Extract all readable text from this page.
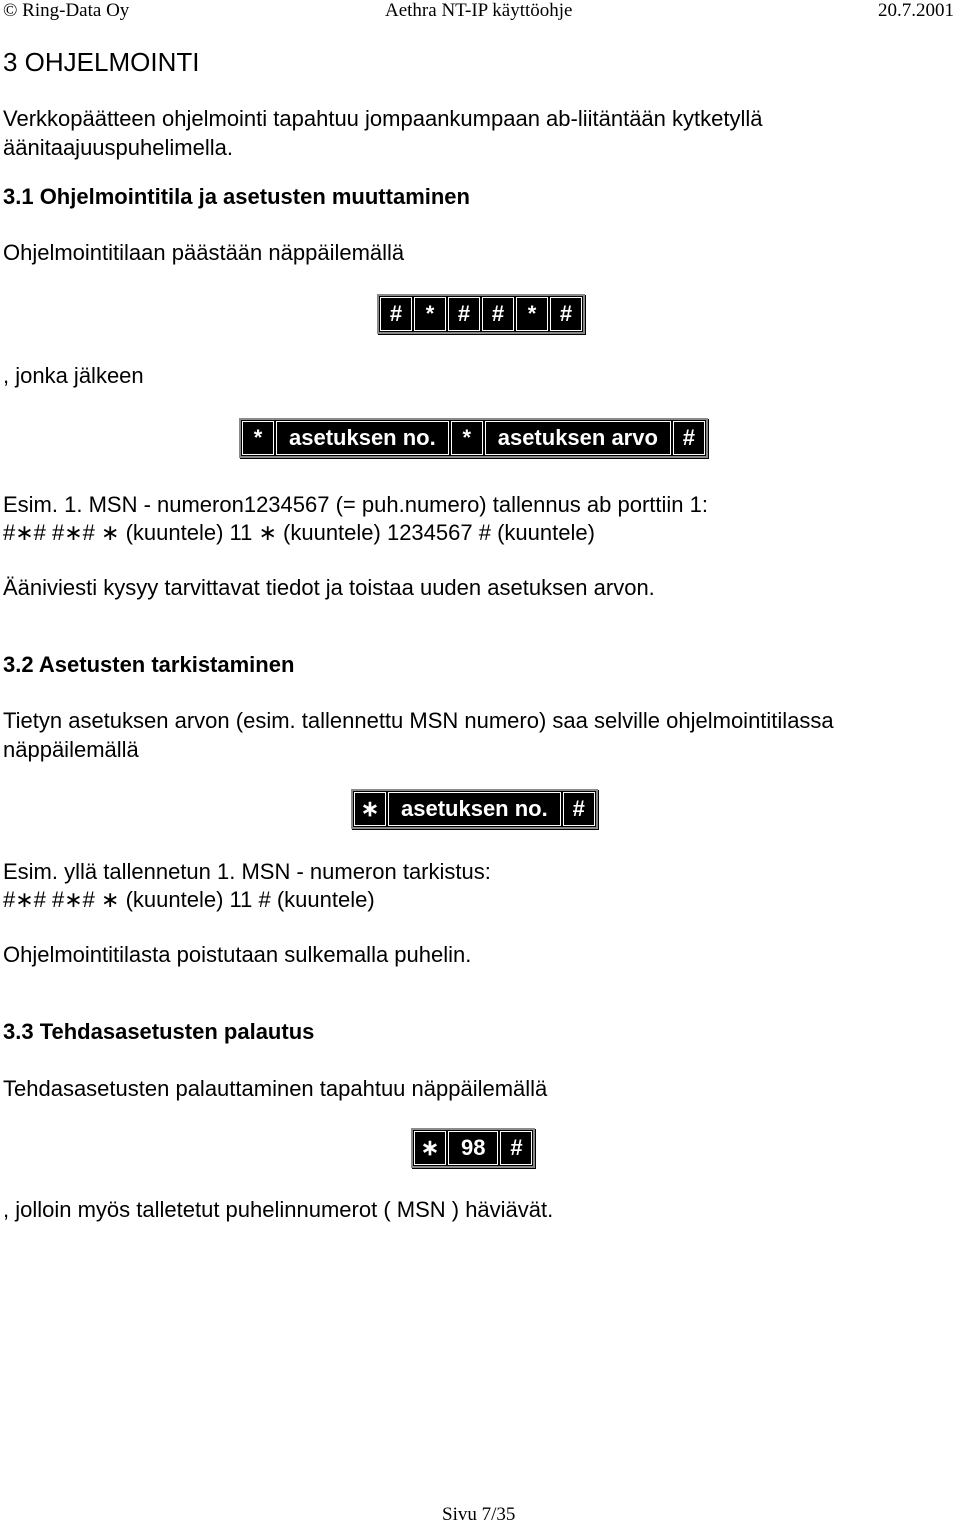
© Ring-Data Oy	Aethra NT-IP käyttöohje	20.7.2001
3 OHJELMOINTI
Verkkopäätteen ohjelmointi tapahtuu jompaankumpaan ab-liitäntään kytketyllä
äänitaajuuspuhelimella.
3.1 Ohjelmointitila ja asetusten muuttaminen
Ohjelmointitilaan päästään näppäilemällä
#	*	# #	*	#
, jonka jälkeen
*	asetuksen no.	*	asetuksen arvo	#
Esim. 1. MSN - numeron1234567 (= puh.numero) tallennus ab porttiin 1:
#∗# #∗# ∗ (kuuntele) 11 ∗ (kuuntele) 1234567 # (kuuntele)
Ääniviesti kysyy tarvittavat tiedot ja toistaa uuden asetuksen arvon.
3.2 Asetusten tarkistaminen
Tietyn asetuksen arvon (esim. tallennettu MSN numero) saa selville ohjelmointitilassa
näppäilemällä
∗ asetuksen no.	#
Esim. yllä tallennetun 1. MSN - numeron tarkistus:
#∗# #∗# ∗ (kuuntele) 11 # (kuuntele)
Ohjelmointitilasta poistutaan sulkemalla puhelin.
3.3 Tehdasasetusten palautus
Tehdasasetusten palauttaminen tapahtuu näppäilemällä
∗ 98	#
, jolloin myös talletetut puhelinnumerot ( MSN ) häviävät.
Sivu 7/35
